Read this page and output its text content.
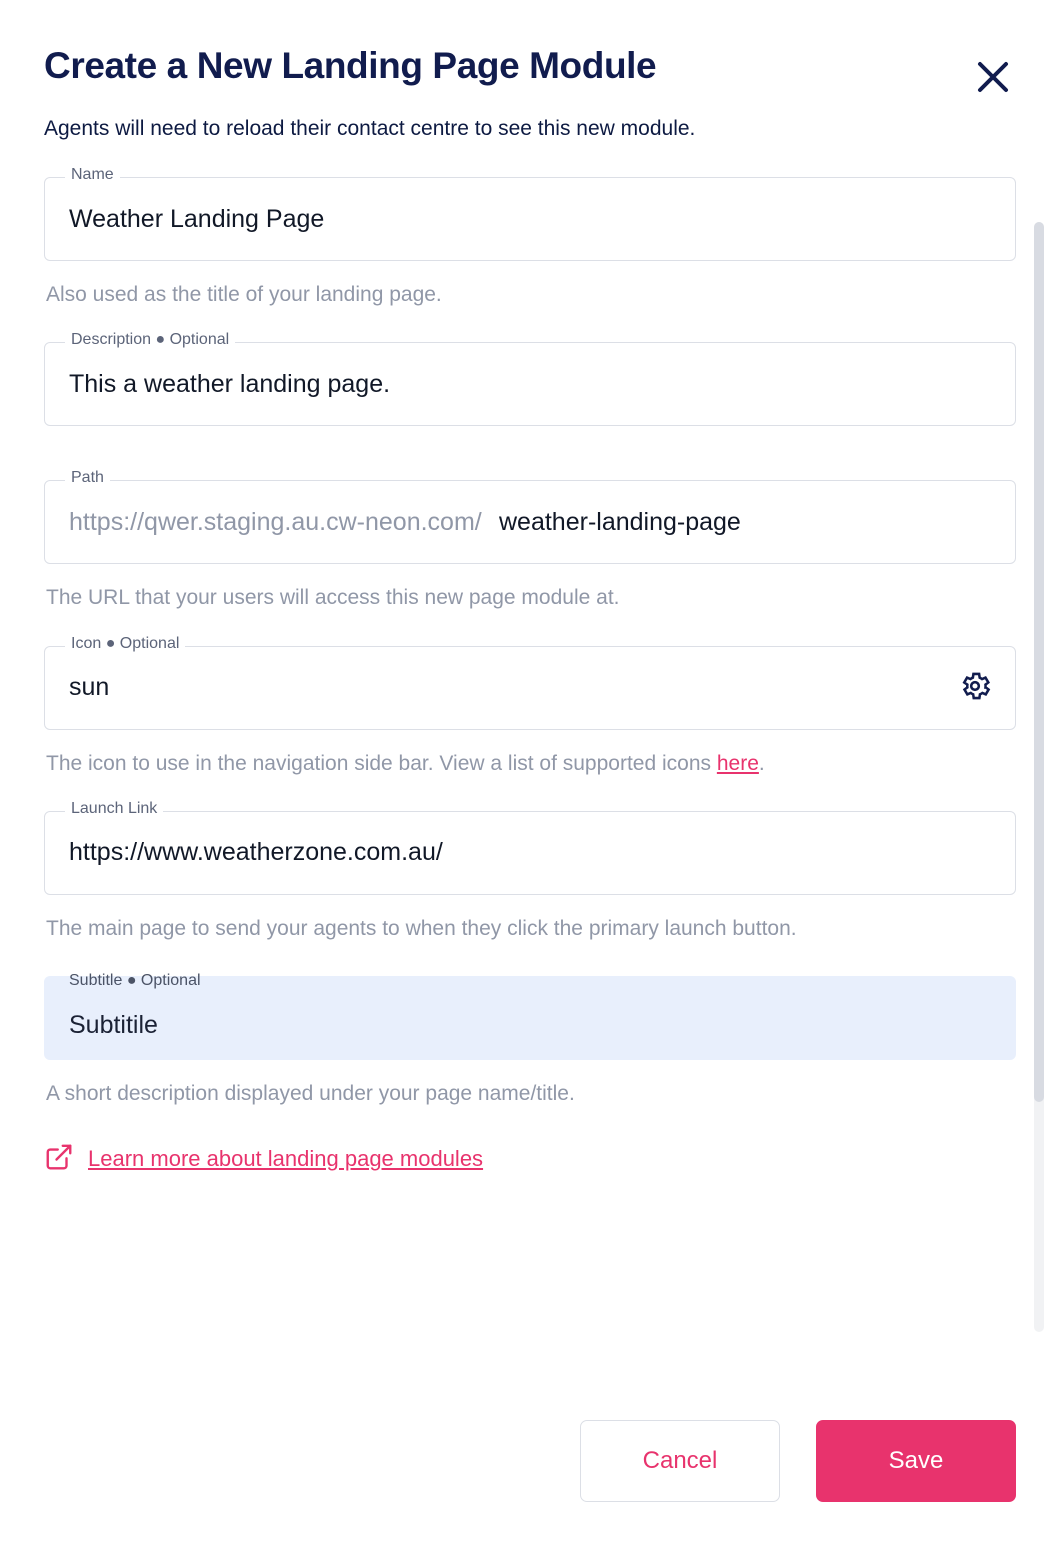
Create a New Landing Page Module

Agents will need to reload their contact centre to see this new module.

Name
Weather Landing Page
Also used as the title of your landing page.
Description ● Optional
This a weather landing page.
Path
https://qwer.staging.au.cw-neon.com/
weather-landing-page
The URL that your users will access this new page module at.
Icon ● Optional
sun
The icon to use in the navigation side bar. View a list of supported icons here.
Launch Link
https://www.weatherzone.com.au/
The main page to send your agents to when they click the primary launch button.
Subtitle ● Optional
Subtitile
A short description displayed under your page name/title.
Learn more about landing page modules
Cancel	Save
